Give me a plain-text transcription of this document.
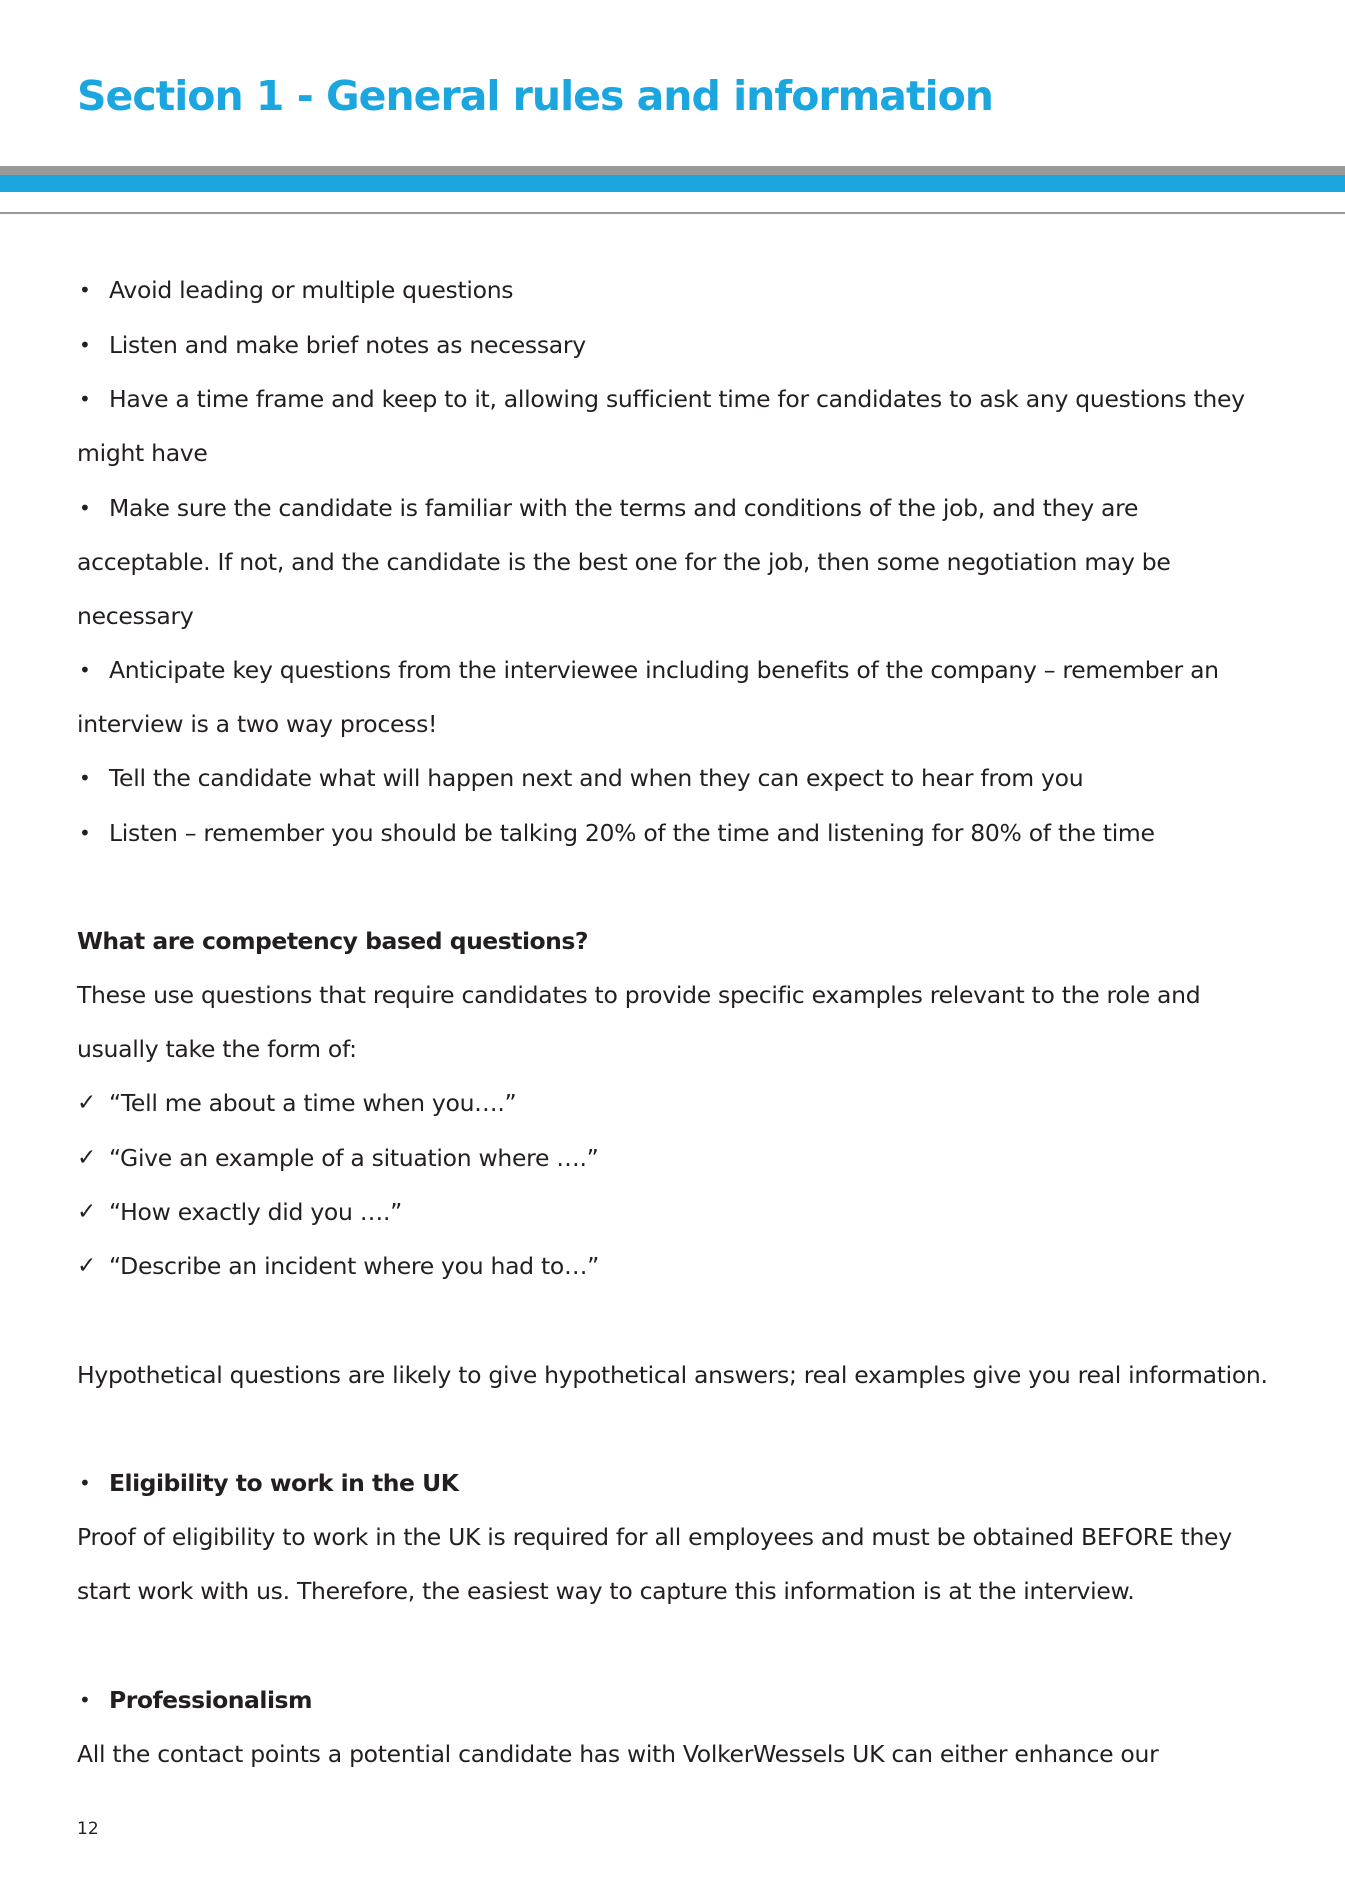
Section 1 - General rules and information
• Avoid leading or multiple questions

• Listen and make brief notes as necessary

• Have a time frame and keep to it, allowing sufficient time for candidates to ask any questions they

might have

• Make sure the candidate is familiar with the terms and conditions of the job, and they are

acceptable. If not, and the candidate is the best one for the job, then some negotiation may be

necessary

• Anticipate key questions from the interviewee including benefits of the company – remember an

interview is a two way process!

• Tell the candidate what will happen next and when they can expect to hear from you

• Listen – remember you should be talking 20% of the time and listening for 80% of the time

What are competency based questions?

These use questions that require candidates to provide specific examples relevant to the role and

usually take the form of:

✓ “Tell me about a time when you….”

✓ “Give an example of a situation where ….”

✓ “How exactly did you ….”

✓ “Describe an incident where you had to…”

Hypothetical questions are likely to give hypothetical answers; real examples give you real information.

• Eligibility to work in the UK

Proof of eligibility to work in the UK is required for all employees and must be obtained BEFORE they

start work with us. Therefore, the easiest way to capture this information is at the interview.

• Professionalism

All the contact points a potential candidate has with VolkerWessels UK can either enhance our

12
